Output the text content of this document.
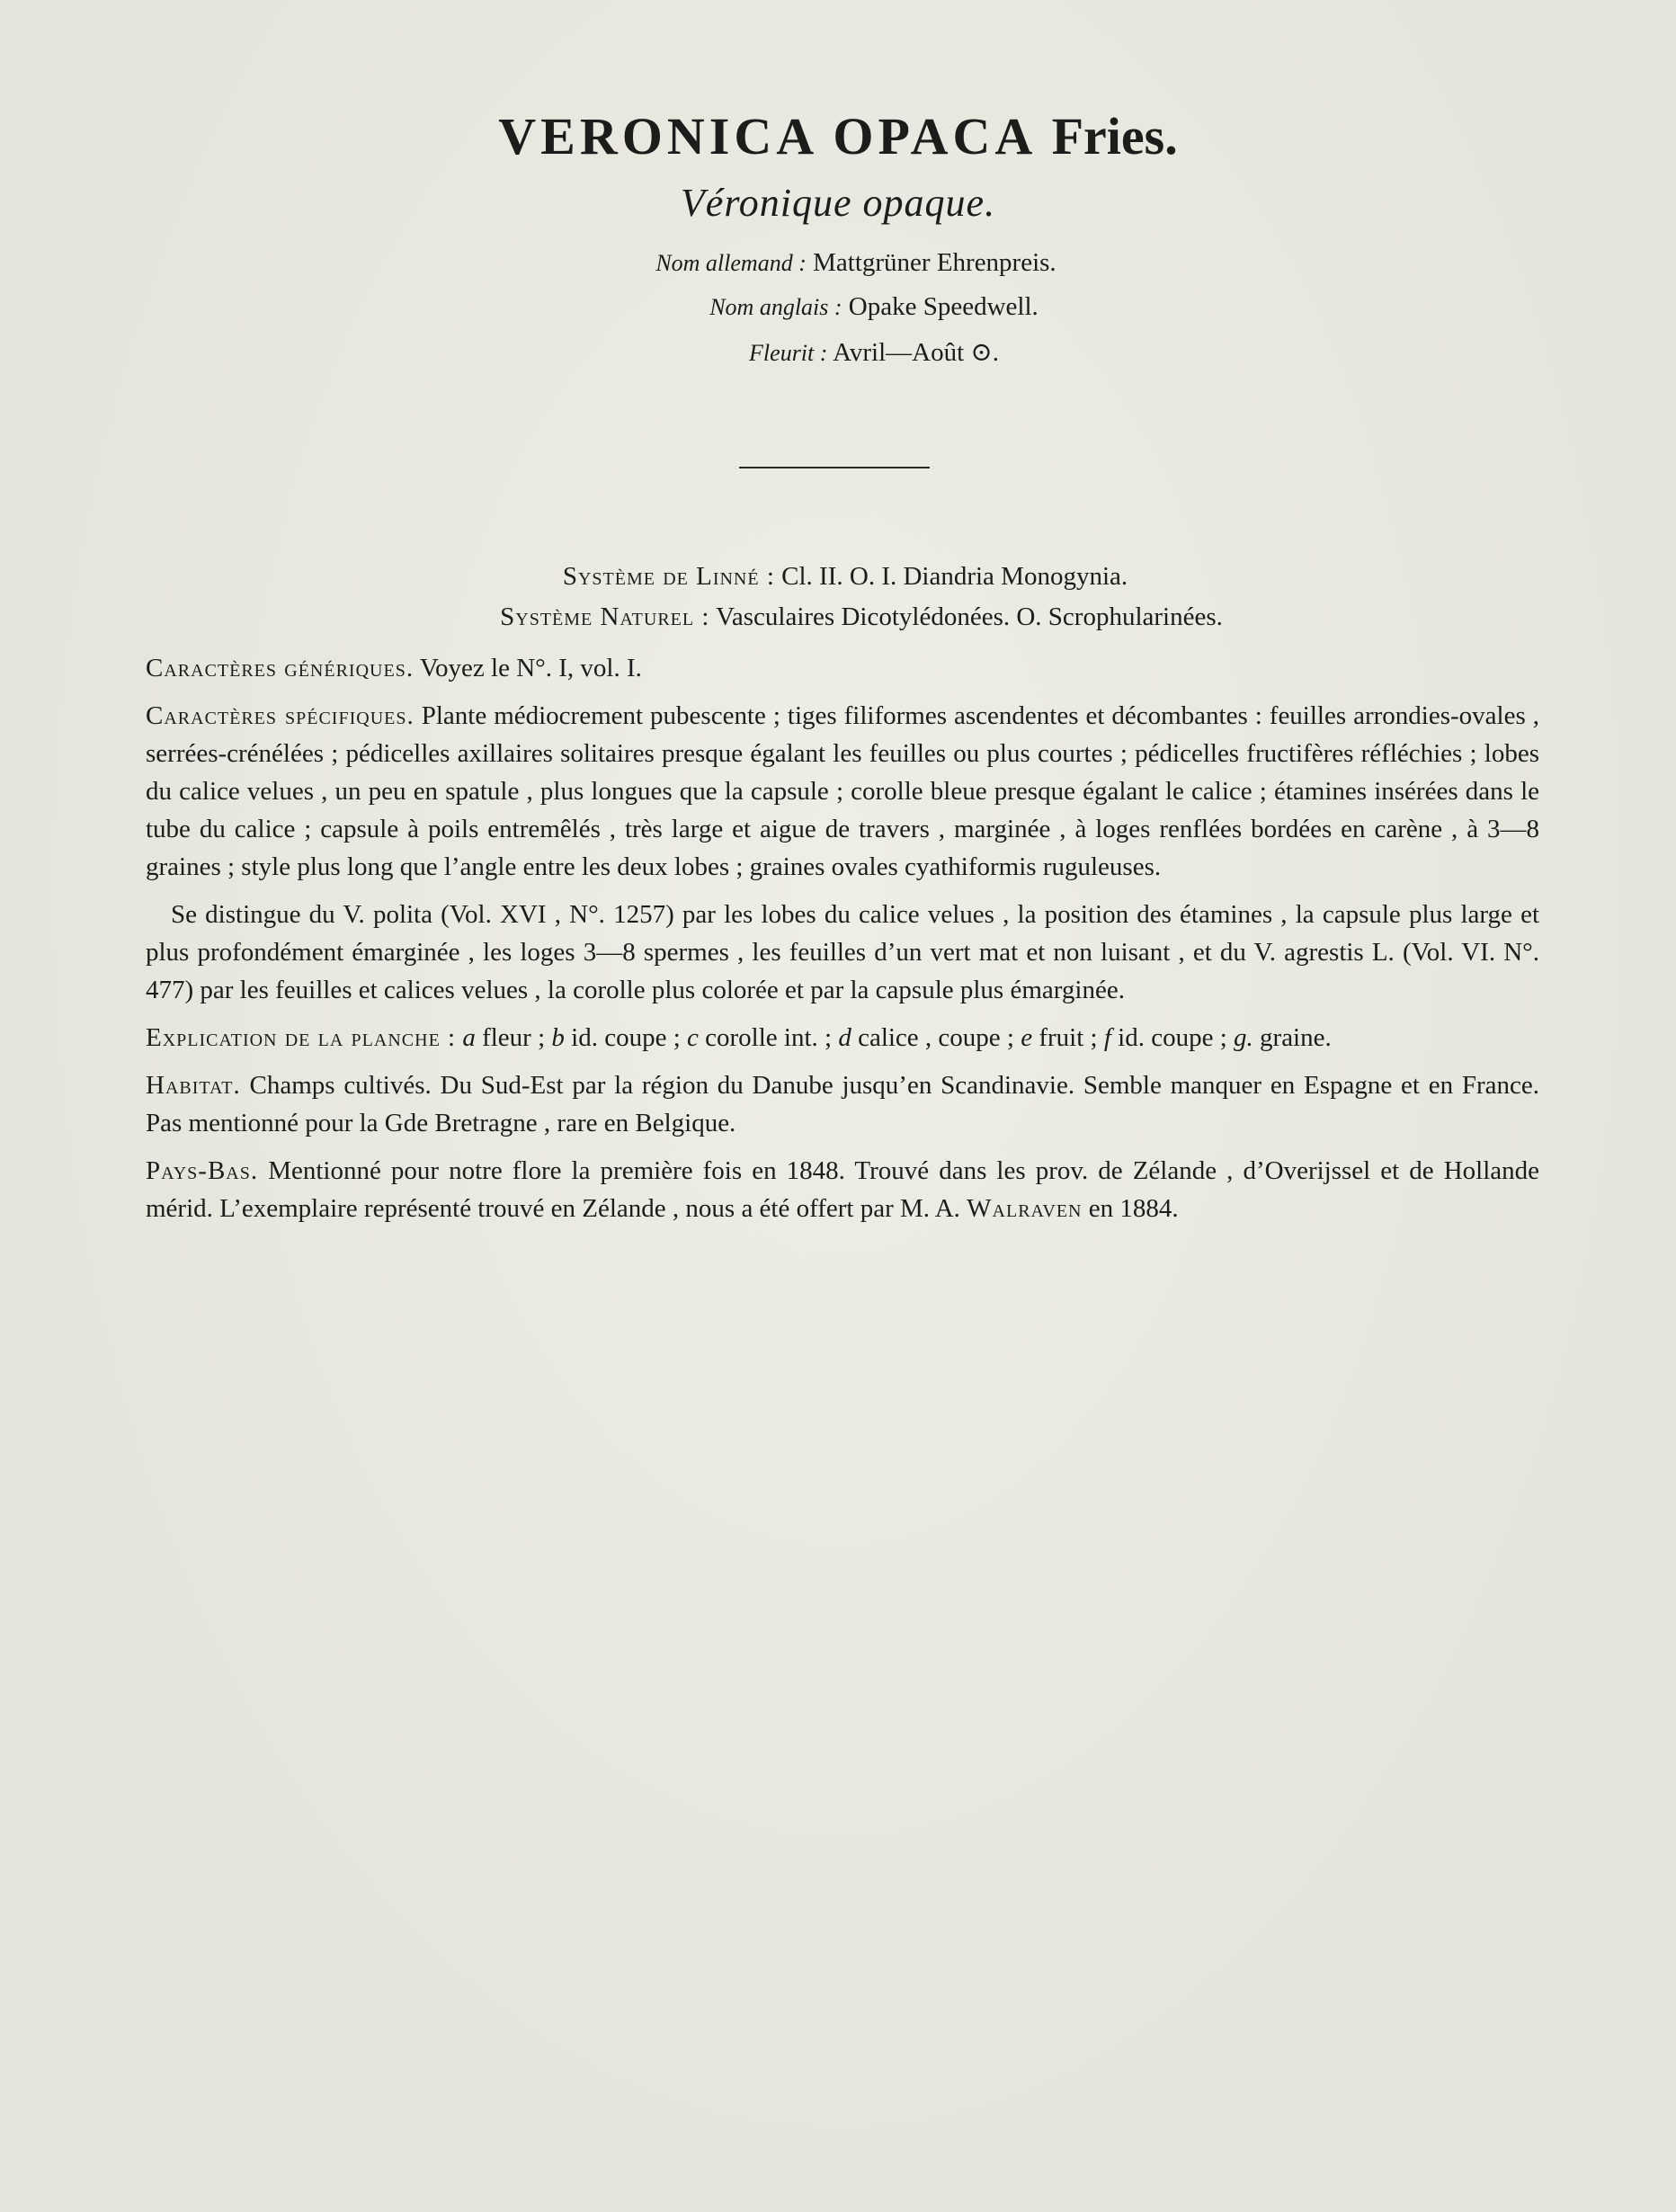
VERONICA OPACA Fries.
Véronique opaque.
Nom allemand : Mattgrüner Ehrenpreis.
Nom anglais : Opake Speedwell.
Fleurit : Avril—Août ⊙.
Système de Linné : Cl. II. O. I. Diandria Monogynia.
Système Naturel : Vasculaires Dicotylédonées. O. Scrophularinées.

Caractères génériques. Voyez le N°. I, vol. I.

Caractères spécifiques. Plante médiocrement pubescente ; tiges filiformes ascendentes et décombantes : feuilles arrondies-ovales , serrées-crénélées ; pédicelles axillaires solitaires presque égalant les feuilles ou plus courtes ; pédicelles fructifères réfléchies ; lobes du calice velues , un peu en spatule , plus longues que la capsule ; corolle bleue presque égalant le calice ; étamines insérées dans le tube du calice ; capsule à poils entremêlés , très large et aigue de travers , marginée , à loges renflées bordées en carène , à 3—8 graines ; style plus long que l’angle entre les deux lobes ; graines ovales cyathiformis ruguleuses.

Se distingue du V. polita (Vol. XVI , N°. 1257) par les lobes du calice velues , la position des étamines , la capsule plus large et plus profondément émarginée , les loges 3—8 spermes , les feuilles d’un vert mat et non luisant , et du V. agrestis L. (Vol. VI. N°. 477) par les feuilles et calices velues , la corolle plus colorée et par la capsule plus émarginée.

Explication de la planche : a fleur ; b id. coupe ; c corolle int. ; d calice , coupe ; e fruit ; f id. coupe ; g. graine.

Habitat. Champs cultivés. Du Sud-Est par la région du Danube jusqu’en Scandinavie. Semble manquer en Espagne et en France. Pas mentionné pour la Gde Bretragne , rare en Belgique.

Pays-Bas. Mentionné pour notre flore la première fois en 1848. Trouvé dans les prov. de Zélande , d’Overijssel et de Hollande mérid. L’exemplaire représenté trouvé en Zélande , nous a été offert par M. A. Walraven en 1884.
